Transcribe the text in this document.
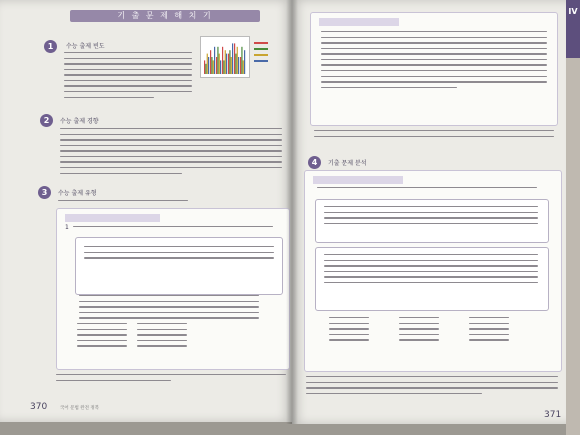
기 출 문 제 해 치 기
1	수능 출제 빈도
2	수능 출제 경향
3	수능 출제 유형
1
370	국어 문법 완전 정복
4	기출 문제 분석
371
IV
